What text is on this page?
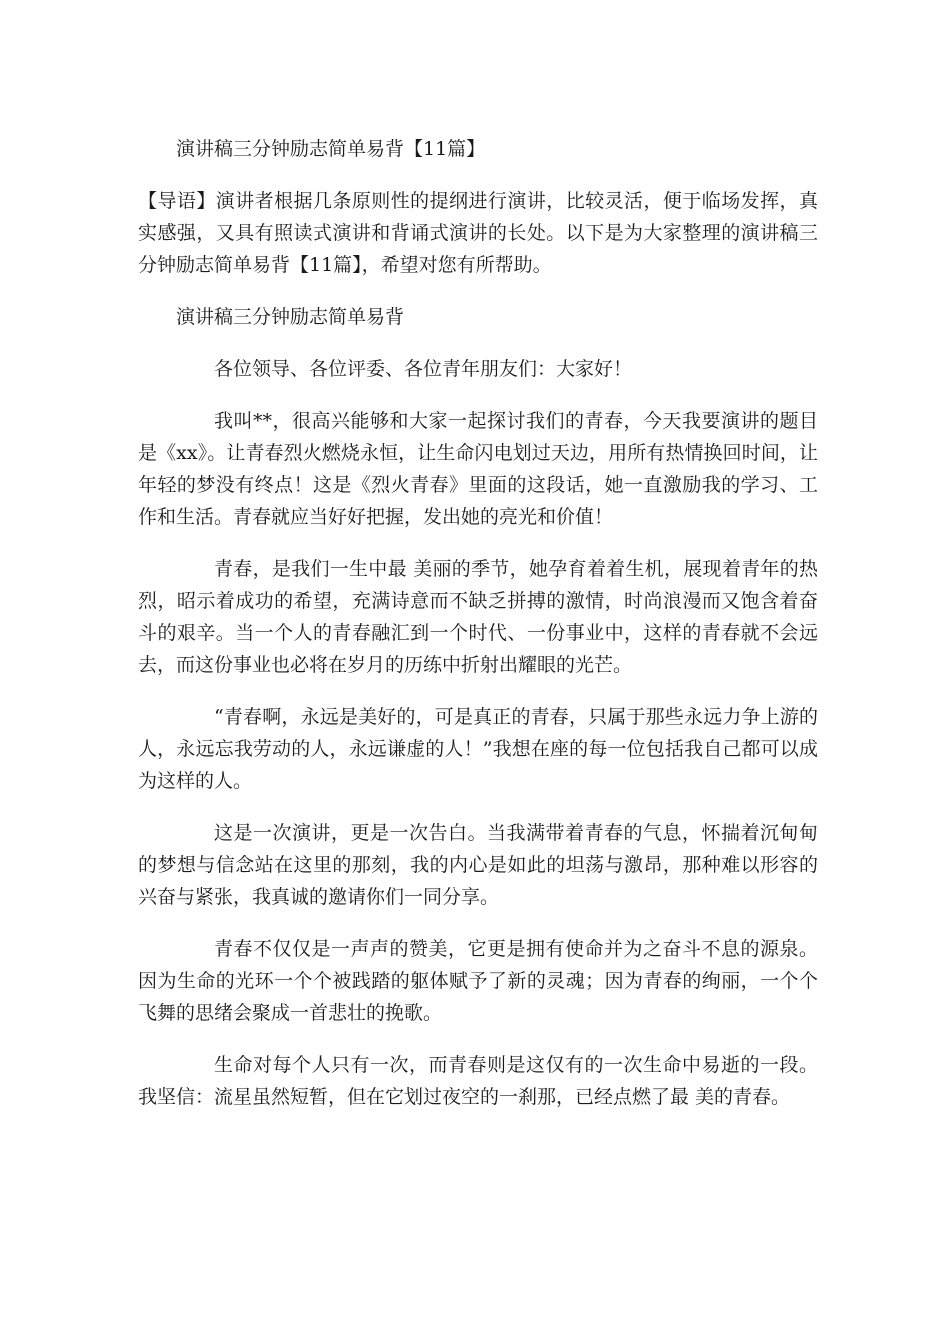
演讲稿三分钟励志简单易背【11篇】

【导语】演讲者根据几条原则性的提纲进行演讲，比较灵活，便于临场发挥，真实感强，又具有照读式演讲和背诵式演讲的长处。以下是为大家整理的演讲稿三分钟励志简单易背【11篇】，希望对您有所帮助。

演讲稿三分钟励志简单易背

各位领导、各位评委、各位青年朋友们：大家好！

我叫**，很高兴能够和大家一起探讨我们的青春，今天我要演讲的题目是《xx》。让青春烈火燃烧永恒，让生命闪电划过天边，用所有热情换回时间，让年轻的梦没有终点！这是《烈火青春》里面的这段话，她一直激励我的学习、工作和生活。青春就应当好好把握，发出她的亮光和价值！

青春，是我们一生中最 美丽的季节，她孕育着着生机，展现着青年的热烈，昭示着成功的希望，充满诗意而不缺乏拼搏的激情，时尚浪漫而又饱含着奋斗的艰辛。当一个人的青春融汇到一个时代、一份事业中，这样的青春就不会远去，而这份事业也必将在岁月的历练中折射出耀眼的光芒。

“青春啊，永远是美好的，可是真正的青春，只属于那些永远力争上游的人，永远忘我劳动的人，永远谦虚的人！”我想在座的每一位包括我自己都可以成为这样的人。

这是一次演讲，更是一次告白。当我满带着青春的气息，怀揣着沉甸甸的梦想与信念站在这里的那刻，我的内心是如此的坦荡与激昂，那种难以形容的兴奋与紧张，我真诚的邀请你们一同分享。

青春不仅仅是一声声的赞美，它更是拥有使命并为之奋斗不息的源泉。因为生命的光环一个个被践踏的躯体赋予了新的灵魂；因为青春的绚丽，一个个飞舞的思绪会聚成一首悲壮的挽歌。

生命对每个人只有一次，而青春则是这仅有的一次生命中易逝的一段。我坚信：流星虽然短暂，但在它划过夜空的一刹那，已经点燃了最 美的青春。
